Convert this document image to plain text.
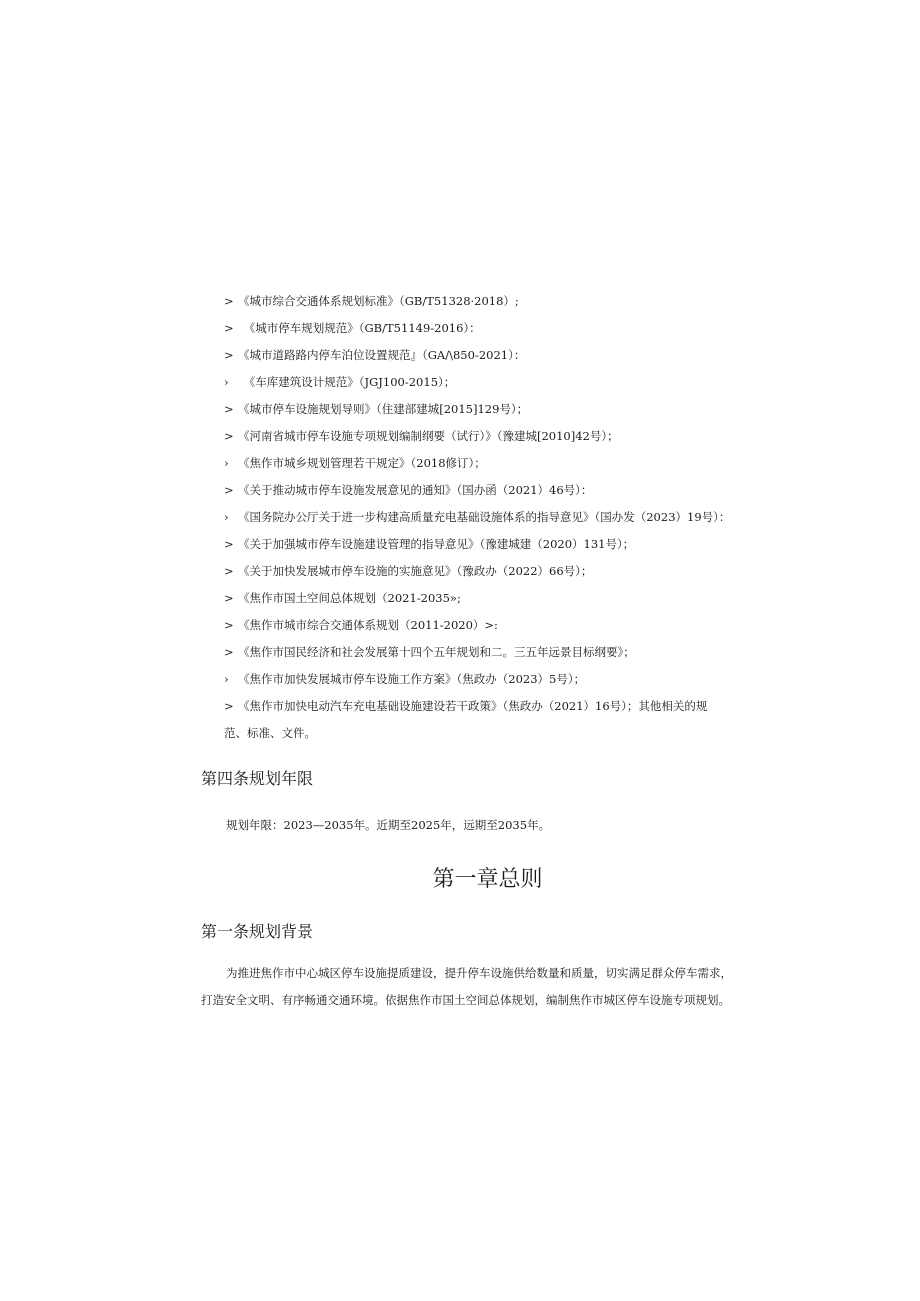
> 《城市综合交通体系规划标准》（GB/T51328·2018）;
>　《城市停车规划规范》（GB/T51149-2016）：
> 《城市道路路内停车泊位设置规范』（GA∕\850-2021）：
›　《车库建筑设计规范》（JGJ100-2015）；
> 《城市停车设施规划导则》（住建部建城[2015]129号）；
> 《河南省城市停车设施专项规划编制纲要（试行）》（豫建城[2010]42号）；
› 《焦作市城乡规划管理若干规定》（2018修订）；
> 《关于推动城市停车设施发展意见的通知》（国办函（2021）46号）：
› 《国务院办公厅关于进一步构建高质量充电基础设施体系的指导意见》（国办发（2023）19号）：
> 《关于加强城市停车设施建设管理的指导意见》（豫建城建（2020）131号）；
> 《关于加快发展城市停车设施的实施意见》（豫政办（2022）66号）；
> 《焦作市国土空间总体规划（2021-2035»;
> 《焦作市城市综合交通体系规划（2011-2020）>:
> 《焦作市国民经济和社会发展第十四个五年规划和二。三五年远景目标纲要》；
› 《焦作市加快发展城市停车设施工作方案》（焦政办（2023）5号）；
> 《焦作市加快电动汽车充电基础设施建设若干政策》（焦政办（2021）16号）；其他相关的规
范、标准、文件。
第四条规划年限
规划年限：2023—2035年。近期至2025年，远期至2035年。
第一章总则
第一条规划背景
为推进焦作市中心城区停车设施提质建设，提升停车设施供给数量和质量，切实满足群众停车需求，
打造安全文明、有序畅通交通环境。依据焦作市国土空间总体规划，编制焦作市城区停车设施专项规划。
